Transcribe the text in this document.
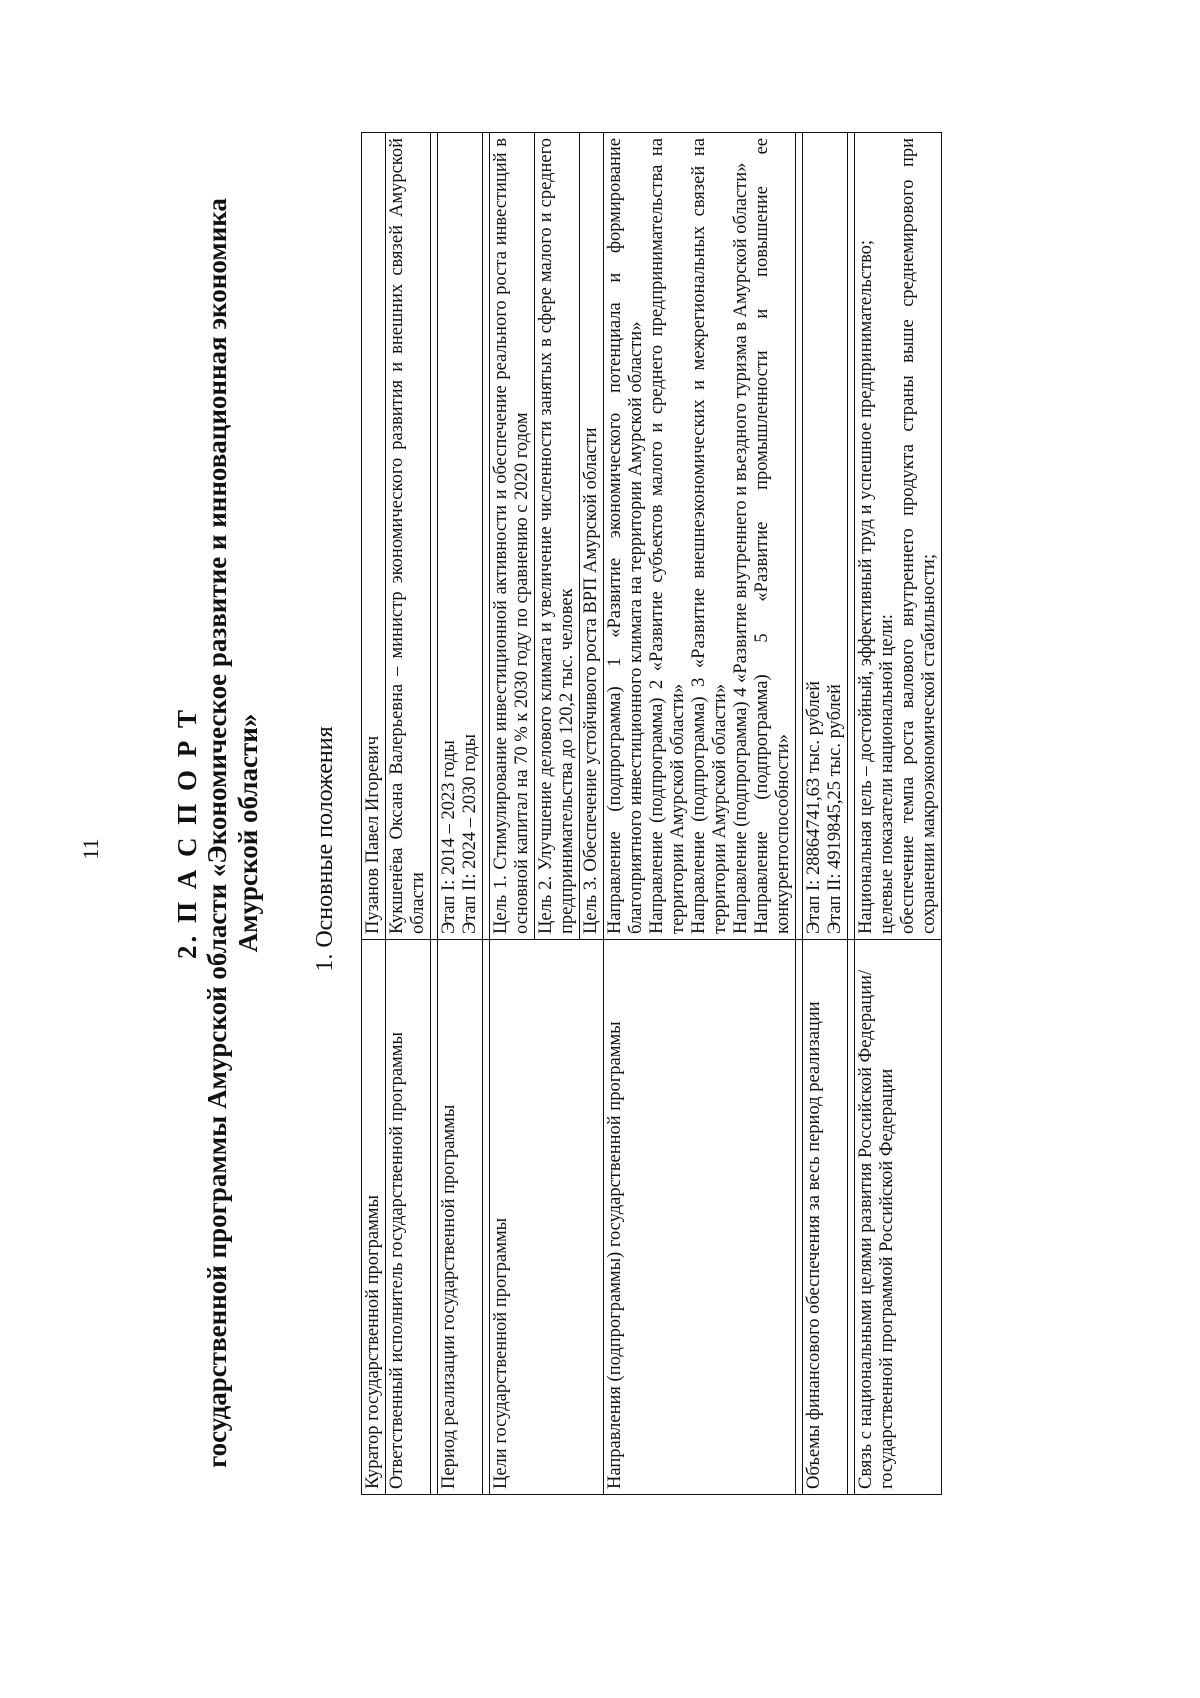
11	2. П А С П О Р Т государственной программы Амурской области «Экономическое развитие и инновационная экономика Амурской области» 1. Основные положения
Куратор государственной программы	Пузанов Павел Игоревич
Ответственный исполнитель государственной программы	Кукшенёва Оксана Валерьевна – министр экономического развития и внешних связей Амурской области

Период реализации государственной программы	Этап I: 2014 – 2023 годы Этап II: 2024 – 2030 годы

Цели государственной программы	Цель 1. Стимулирование инвестиционной активности и обеспечение реального роста инвестиций в основной капитал на 70 % к 2030 году по сравнению с 2020 годом
	Цель 2. Улучшение делового климата и увеличение численности занятых в сфере малого и среднего предпринимательства до 120,2 тыс. человек
	Цель 3. Обеспечение устойчивого роста ВРП Амурской области
Направления (подпрограммы) государственной программы	Направление (подпрограмма) 1 «Развитие экономического потенциала и формирование благоприятного инвестиционного климата на территории Амурской области» Направление (подпрограмма) 2 «Развитие субъектов малого и среднего предпринимательства на территории Амурской области» Направление (подпрограмма) 3 «Развитие внешнеэкономических и межрегиональных связей на территории Амурской области» Направление (подпрограмма) 4 «Развитие внутреннего и въездного туризма в Амурской области» Направление (подпрограмма) 5 «Развитие промышленности и повышение ее конкурентоспособности»

Объемы финансового обеспечения за весь период реализации	Этап I: 28864741,63 тыс. рублей Этап II: 4919845,25 тыс. рублей

Связь с национальными целями развития Российской Федерации/ государственной программой Российской Федерации	Национальная цель – достойный, эффективный труд и успешное предпринимательство; целевые показатели национальной цели: обеспечение темпа роста валового внутреннего продукта страны выше среднемирового при сохранении макроэкономической стабильности;
